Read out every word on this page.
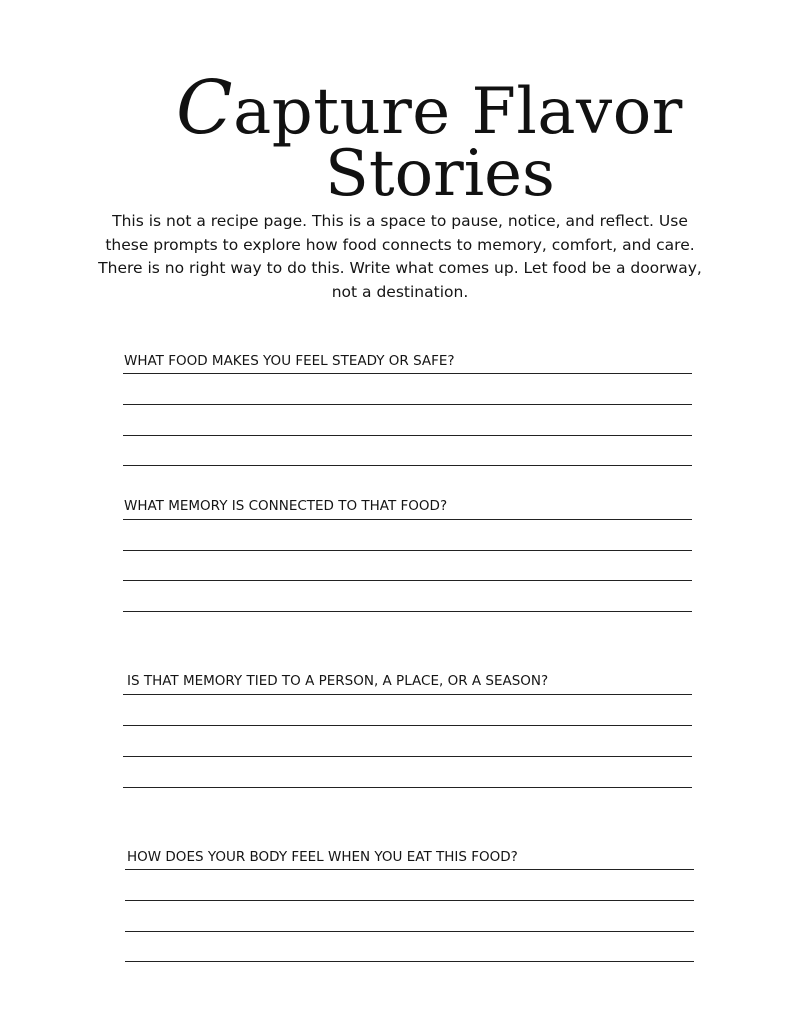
Capture Flavor
Stories
This is not a recipe page. This is a space to pause, notice, and reflect. Use these prompts to explore how food connects to memory, comfort, and care. There is no right way to do this. Write what comes up. Let food be a doorway, not a destination.
WHAT FOOD MAKES YOU FEEL STEADY OR SAFE?
WHAT MEMORY IS CONNECTED TO THAT FOOD?
IS THAT MEMORY TIED TO A PERSON, A PLACE, OR A SEASON?
HOW DOES YOUR BODY FEEL WHEN YOU EAT THIS FOOD?
